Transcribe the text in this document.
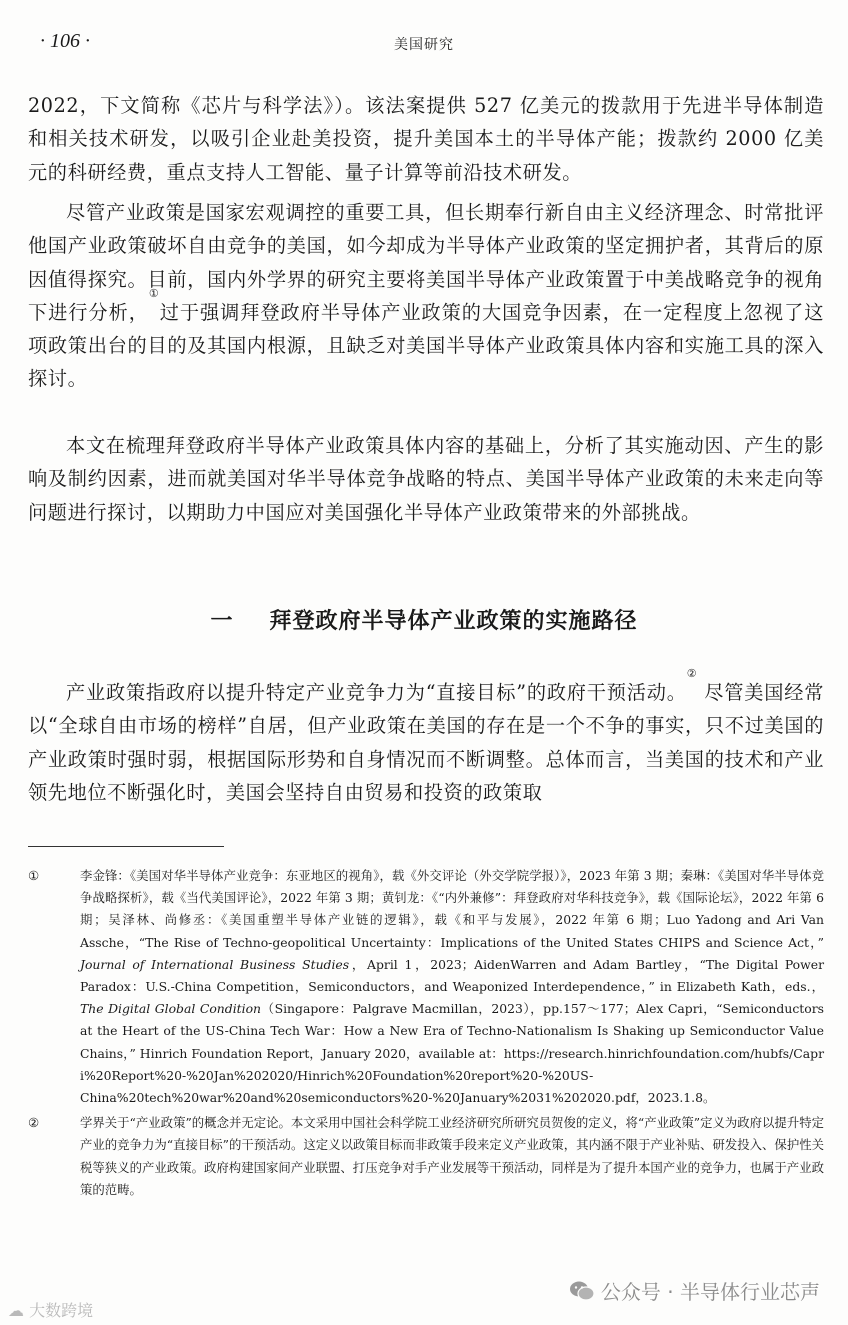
· 106 ·	美国研究
2022，下文简称《芯片与科学法》）。该法案提供 527 亿美元的拨款用于先进半导体制造和相关技术研发，以吸引企业赴美投资，提升美国本土的半导体产能；拨款约 2000 亿美元的科研经费，重点支持人工智能、量子计算等前沿技术研发。

尽管产业政策是国家宏观调控的重要工具，但长期奉行新自由主义经济理念、时常批评他国产业政策破坏自由竞争的美国，如今却成为半导体产业政策的坚定拥护者，其背后的原因值得探究。目前，国内外学界的研究主要将美国半导体产业政策置于中美战略竞争的视角下进行分析，①过于强调拜登政府半导体产业政策的大国竞争因素，在一定程度上忽视了这项政策出台的目的及其国内根源，且缺乏对美国半导体产业政策具体内容和实施工具的深入探讨。

本文在梳理拜登政府半导体产业政策具体内容的基础上，分析了其实施动因、产生的影响及制约因素，进而就美国对华半导体竞争战略的特点、美国半导体产业政策的未来走向等问题进行探讨，以期助力中国应对美国强化半导体产业政策带来的外部挑战。

一 拜登政府半导体产业政策的实施路径

产业政策指政府以提升特定产业竞争力为“直接目标”的政府干预活动。② 尽管美国经常以“全球自由市场的榜样”自居，但产业政策在美国的存在是一个不争的事实，只不过美国的产业政策时强时弱，根据国际形势和自身情况而不断调整。总体而言，当美国的技术和产业领先地位不断强化时，美国会坚持自由贸易和投资的政策取

①	李金锋：《美国对华半导体产业竞争：东亚地区的视角》，载《外交评论（外交学院学报）》，2023 年第 3 期；秦琳：《美国对华半导体竞争战略探析》，载《当代美国评论》，2022 年第 3 期；黄钊龙：《“内外兼修”：拜登政府对华科技竞争》，载《国际论坛》，2022 年第 6 期；吴泽林、尚修丞：《美国重塑半导体产业链的逻辑》，载《和平与发展》，2022 年第 6 期；Luo Yadong and Ari Van Assche，“The Rise of Techno-geopolitical Uncertainty：Implications of the United States CHIPS and Science Act，” Journal of International Business Studies，April 1，2023；AidenWarren and Adam Bartley，“The Digital Power Paradox：U.S.-China Competition，Semiconductors，and Weaponized Interdependence，” in Elizabeth Kath，eds.，The Digital Global Condition（Singapore：Palgrave Macmillan，2023），pp.157～177；Alex Capri，“Semiconductors at the Heart of the US-China Tech War：How a New Era of Techno-Nationalism Is Shaking up Semiconductor Value Chains，” Hinrich Foundation Report，January 2020，available at：https://research.hinrichfoundation.com/hubfs/Capr i%20Report%20-%20Jan%202020/Hinrich%20Foundation%20report%20-%20US-China%20tech%20war%20and%20semiconductors%20-%20January%2031%202020.pdf，2023.1.8。
②	学界关于“产业政策”的概念并无定论。本文采用中国社会科学院工业经济研究所研究员贺俊的定义，将“产业政策”定义为政府以提升特定产业的竞争力为“直接目标”的干预活动。这定义以政策目标而非政策手段来定义产业政策，其内涵不限于产业补贴、研发投入、保护性关税等狭义的产业政策。政府构建国家间产业联盟、打压竞争对手产业发展等干预活动，同样是为了提升本国产业的竞争力，也属于产业政策的范畴。
公众号 · 半导体行业芯声
☁ 大数跨境
